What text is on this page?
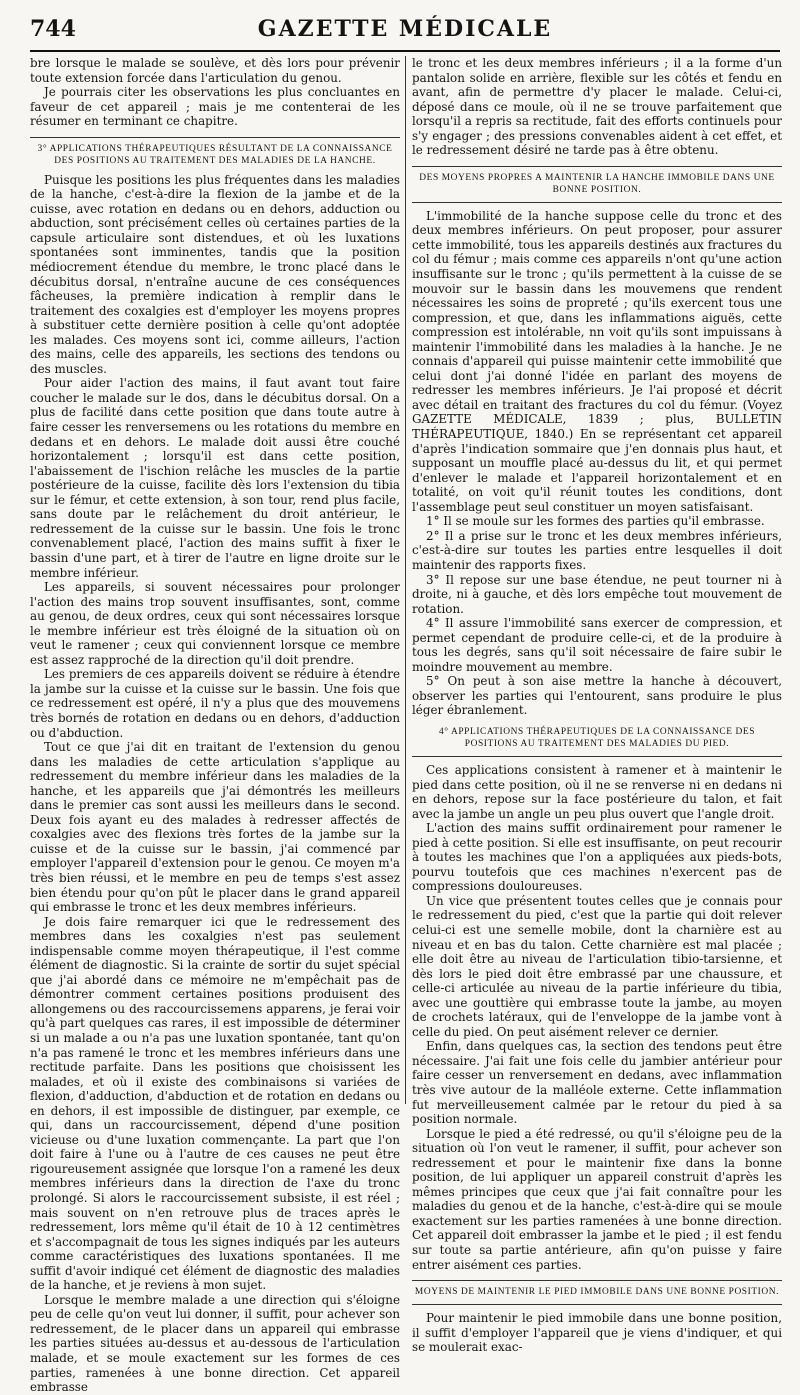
744	GAZETTE MÉDICALE

bre lorsque le malade se soulève, et dès lors pour prévenir toute extension forcée dans l'articulation du genou.

Je pourrais citer les observations les plus concluantes en faveur de cet appareil ; mais je me contenterai de les résumer en terminant ce chapitre.

3° APPLICATIONS THÉRAPEUTIQUES RÉSULTANT DE LA CONNAISSANCE DES POSITIONS AU TRAITEMENT DES MALADIES DE LA HANCHE.

Puisque les positions les plus fréquentes dans les maladies de la hanche, c'est-à-dire la flexion de la jambe et de la cuisse, avec rotation en dedans ou en dehors, adduction ou abduction, sont précisément celles où certaines parties de la capsule articulaire sont distendues, et où les luxations spontanées sont imminentes, tandis que la position médiocrement étendue du membre, le tronc placé dans le décubitus dorsal, n'entraîne aucune de ces conséquences fâcheuses, la première indication à remplir dans le traitement des coxalgies est d'employer les moyens propres à substituer cette dernière position à celle qu'ont adoptée les malades. Ces moyens sont ici, comme ailleurs, l'action des mains, celle des appareils, les sections des tendons ou des muscles.

Pour aider l'action des mains, il faut avant tout faire coucher le malade sur le dos, dans le décubitus dorsal. On a plus de facilité dans cette position que dans toute autre à faire cesser les renversemens ou les rotations du membre en dedans et en dehors. Le malade doit aussi être couché horizontalement ; lorsqu'il est dans cette position, l'abaissement de l'ischion relâche les muscles de la partie postérieure de la cuisse, facilite dès lors l'extension du tibia sur le fémur, et cette extension, à son tour, rend plus facile, sans doute par le relâchement du droit antérieur, le redressement de la cuisse sur le bassin. Une fois le tronc convenablement placé, l'action des mains suffit à fixer le bassin d'une part, et à tirer de l'autre en ligne droite sur le membre inférieur.

Les appareils, si souvent nécessaires pour prolonger l'action des mains trop souvent insuffisantes, sont, comme au genou, de deux ordres, ceux qui sont nécessaires lorsque le membre inférieur est très éloigné de la situation où on veut le ramener ; ceux qui conviennent lorsque ce membre est assez rapproché de la direction qu'il doit prendre.

Les premiers de ces appareils doivent se réduire à étendre la jambe sur la cuisse et la cuisse sur le bassin. Une fois que ce redressement est opéré, il n'y a plus que des mouvemens très bornés de rotation en dedans ou en dehors, d'adduction ou d'abduction.

Tout ce que j'ai dit en traitant de l'extension du genou dans les maladies de cette articulation s'applique au redressement du membre inférieur dans les maladies de la hanche, et les appareils que j'ai démontrés les meilleurs dans le premier cas sont aussi les meilleurs dans le second. Deux fois ayant eu des malades à redresser affectés de coxalgies avec des flexions très fortes de la jambe sur la cuisse et de la cuisse sur le bassin, j'ai commencé par employer l'appareil d'extension pour le genou. Ce moyen m'a très bien réussi, et le membre en peu de temps s'est assez bien étendu pour qu'on pût le placer dans le grand appareil qui embrasse le tronc et les deux membres inférieurs.

Je dois faire remarquer ici que le redressement des membres dans les coxalgies n'est pas seulement indispensable comme moyen thérapeutique, il l'est comme élément de diagnostic. Si la crainte de sortir du sujet spécial que j'ai abordé dans ce mémoire ne m'empêchait pas de démontrer comment certaines positions produisent des allongemens ou des raccourcissemens apparens, je ferai voir qu'à part quelques cas rares, il est impossible de déterminer si un malade a ou n'a pas une luxation spontanée, tant qu'on n'a pas ramené le tronc et les membres inférieurs dans une rectitude parfaite. Dans les positions que choisissent les malades, et où il existe des combinaisons si variées de flexion, d'adduction, d'abduction et de rotation en dedans ou en dehors, il est impossible de distinguer, par exemple, ce qui, dans un raccourcissement, dépend d'une position vicieuse ou d'une luxation commençante. La part que l'on doit faire à l'une ou à l'autre de ces causes ne peut être rigoureusement assignée que lorsque l'on a ramené les deux membres inférieurs dans la direction de l'axe du tronc prolongé. Si alors le raccourcissement subsiste, il est réel ; mais souvent on n'en retrouve plus de traces après le redressement, lors même qu'il était de 10 à 12 centimètres et s'accompagnait de tous les signes indiqués par les auteurs comme caractéristiques des luxations spontanées. Il me suffit d'avoir indiqué cet élément de diagnostic des maladies de la hanche, et je reviens à mon sujet.

Lorsque le membre malade a une direction qui s'éloigne peu de celle qu'on veut lui donner, il suffit, pour achever son redressement, de le placer dans un appareil qui embrasse les parties situées au-dessus et au-dessous de l'articulation malade, et se moule exactement sur les formes de ces parties, ramenées à une bonne direction. Cet appareil embrasse

le tronc et les deux membres inférieurs ; il a la forme d'un pantalon solide en arrière, flexible sur les côtés et fendu en avant, afin de permettre d'y placer le malade. Celui-ci, déposé dans ce moule, où il ne se trouve parfaitement que lorsqu'il a repris sa rectitude, fait des efforts continuels pour s'y engager ; des pressions convenables aident à cet effet, et le redressement désiré ne tarde pas à être obtenu.

DES MOYENS PROPRES A MAINTENIR LA HANCHE IMMOBILE DANS UNE BONNE POSITION.

L'immobilité de la hanche suppose celle du tronc et des deux membres inférieurs. On peut proposer, pour assurer cette immobilité, tous les appareils destinés aux fractures du col du fémur ; mais comme ces appareils n'ont qu'une action insuffisante sur le tronc ; qu'ils permettent à la cuisse de se mouvoir sur le bassin dans les mouvemens que rendent nécessaires les soins de propreté ; qu'ils exercent tous une compression, et que, dans les inflammations aiguës, cette compression est intolérable, nn voit qu'ils sont impuissans à maintenir l'immobilité dans les maladies à la hanche. Je ne connais d'appareil qui puisse maintenir cette immobilité que celui dont j'ai donné l'idée en parlant des moyens de redresser les membres inférieurs. Je l'ai proposé et décrit avec détail en traitant des fractures du col du fémur. (Voyez GAZETTE MÉDICALE, 1839 ; plus, BULLETIN THÉRAPEUTIQUE, 1840.) En se représentant cet appareil d'après l'indication sommaire que j'en donnais plus haut, et supposant un mouffle placé au-dessus du lit, et qui permet d'enlever le malade et l'appareil horizontalement et en totalité, on voit qu'il réunit toutes les conditions, dont l'assemblage peut seul constituer un moyen satisfaisant.

1° Il se moule sur les formes des parties qu'il embrasse.

2° Il a prise sur le tronc et les deux membres inférieurs, c'est-à-dire sur toutes les parties entre lesquelles il doit maintenir des rapports fixes.

3° Il repose sur une base étendue, ne peut tourner ni à droite, ni à gauche, et dès lors empêche tout mouvement de rotation.

4° Il assure l'immobilité sans exercer de compression, et permet cependant de produire celle-ci, et de la produire à tous les degrés, sans qu'il soit nécessaire de faire subir le moindre mouvement au membre.

5° On peut à son aise mettre la hanche à découvert, observer les parties qui l'entourent, sans produire le plus léger ébranlement.

4° APPLICATIONS THÉRAPEUTIQUES DE LA CONNAISSANCE DES POSITIONS AU TRAITEMENT DES MALADIES DU PIED.

Ces applications consistent à ramener et à maintenir le pied dans cette position, où il ne se renverse ni en dedans ni en dehors, repose sur la face postérieure du talon, et fait avec la jambe un angle un peu plus ouvert que l'angle droit.

L'action des mains suffit ordinairement pour ramener le pied à cette position. Si elle est insuffisante, on peut recourir à toutes les machines que l'on a appliquées aux pieds-bots, pourvu toutefois que ces machines n'exercent pas de compressions douloureuses.

Un vice que présentent toutes celles que je connais pour le redressement du pied, c'est que la partie qui doit relever celui-ci est une semelle mobile, dont la charnière est au niveau et en bas du talon. Cette charnière est mal placée ; elle doit être au niveau de l'articulation tibio-tarsienne, et dès lors le pied doit être embrassé par une chaussure, et celle-ci articulée au niveau de la partie inférieure du tibia, avec une gouttière qui embrasse toute la jambe, au moyen de crochets latéraux, qui de l'enveloppe de la jambe vont à celle du pied. On peut aisément relever ce dernier.

Enfin, dans quelques cas, la section des tendons peut être nécessaire. J'ai fait une fois celle du jambier antérieur pour faire cesser un renversement en dedans, avec inflammation très vive autour de la malléole externe. Cette inflammation fut merveilleusement calmée par le retour du pied à sa position normale.

Lorsque le pied a été redressé, ou qu'il s'éloigne peu de la situation où l'on veut le ramener, il suffit, pour achever son redressement et pour le maintenir fixe dans la bonne position, de lui appliquer un appareil construit d'après les mêmes principes que ceux que j'ai fait connaître pour les maladies du genou et de la hanche, c'est-à-dire qui se moule exactement sur les parties ramenées à une bonne direction. Cet appareil doit embrasser la jambe et le pied ; il est fendu sur toute sa partie antérieure, afin qu'on puisse y faire entrer aisément ces parties.

MOYENS DE MAINTENIR LE PIED IMMOBILE DANS UNE BONNE POSITION.

Pour maintenir le pied immobile dans une bonne position, il suffit d'employer l'appareil que je viens d'indiquer, et qui se moulerait exac-
